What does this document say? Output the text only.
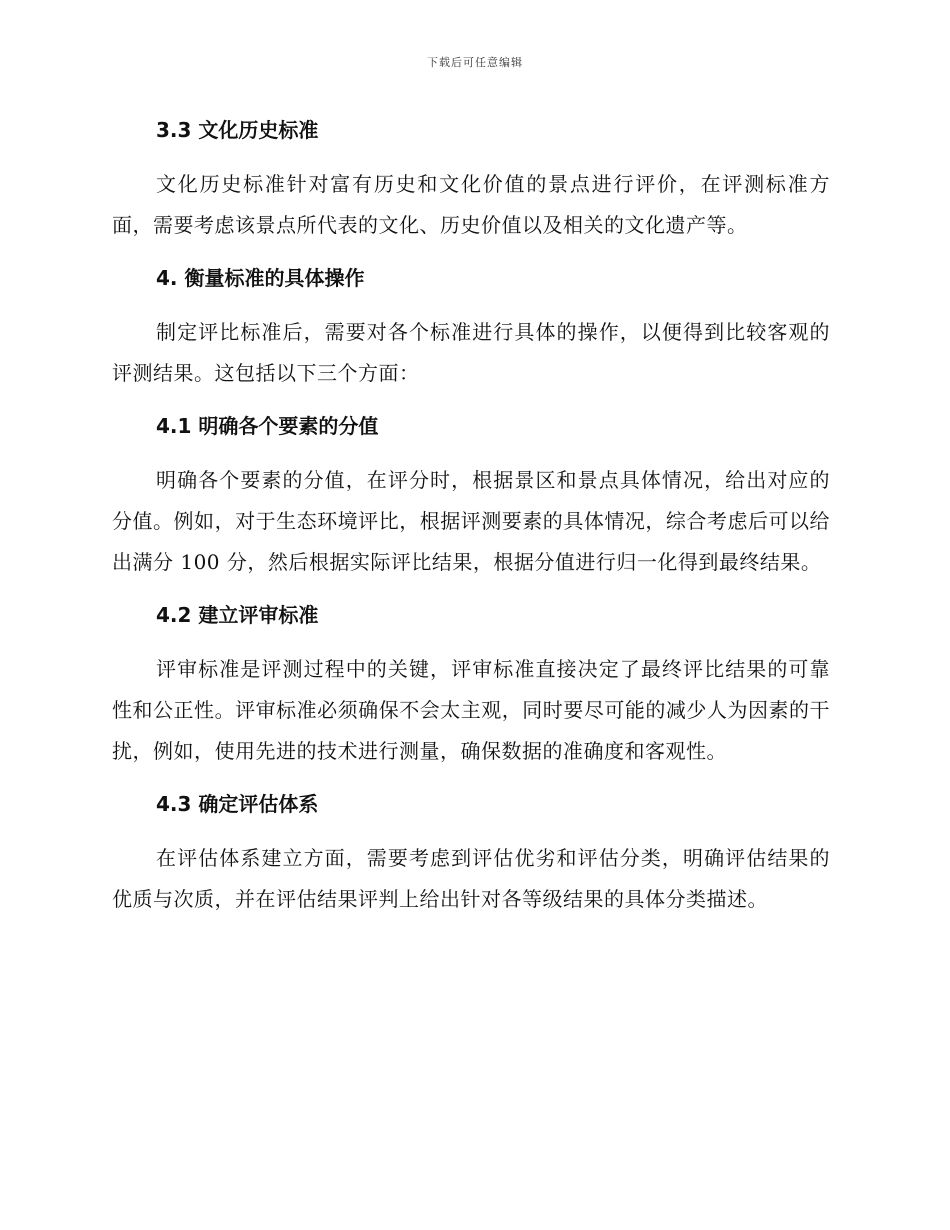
下载后可任意编辑
3.3 文化历史标准

文化历史标准针对富有历史和文化价值的景点进行评价，在评测标准方面，需要考虑该景点所代表的文化、历史价值以及相关的文化遗产等。

4. 衡量标准的具体操作

制定评比标准后，需要对各个标准进行具体的操作，以便得到比较客观的评测结果。这包括以下三个方面：

4.1 明确各个要素的分值

明确各个要素的分值，在评分时，根据景区和景点具体情况，给出对应的分值。例如，对于生态环境评比，根据评测要素的具体情况，综合考虑后可以给出满分 100 分，然后根据实际评比结果，根据分值进行归一化得到最终结果。

4.2 建立评审标准

评审标准是评测过程中的关键，评审标准直接决定了最终评比结果的可靠性和公正性。评审标准必须确保不会太主观，同时要尽可能的减少人为因素的干扰，例如，使用先进的技术进行测量，确保数据的准确度和客观性。

4.3 确定评估体系

在评估体系建立方面，需要考虑到评估优劣和评估分类，明确评估结果的优质与次质，并在评估结果评判上给出针对各等级结果的具体分类描述。
